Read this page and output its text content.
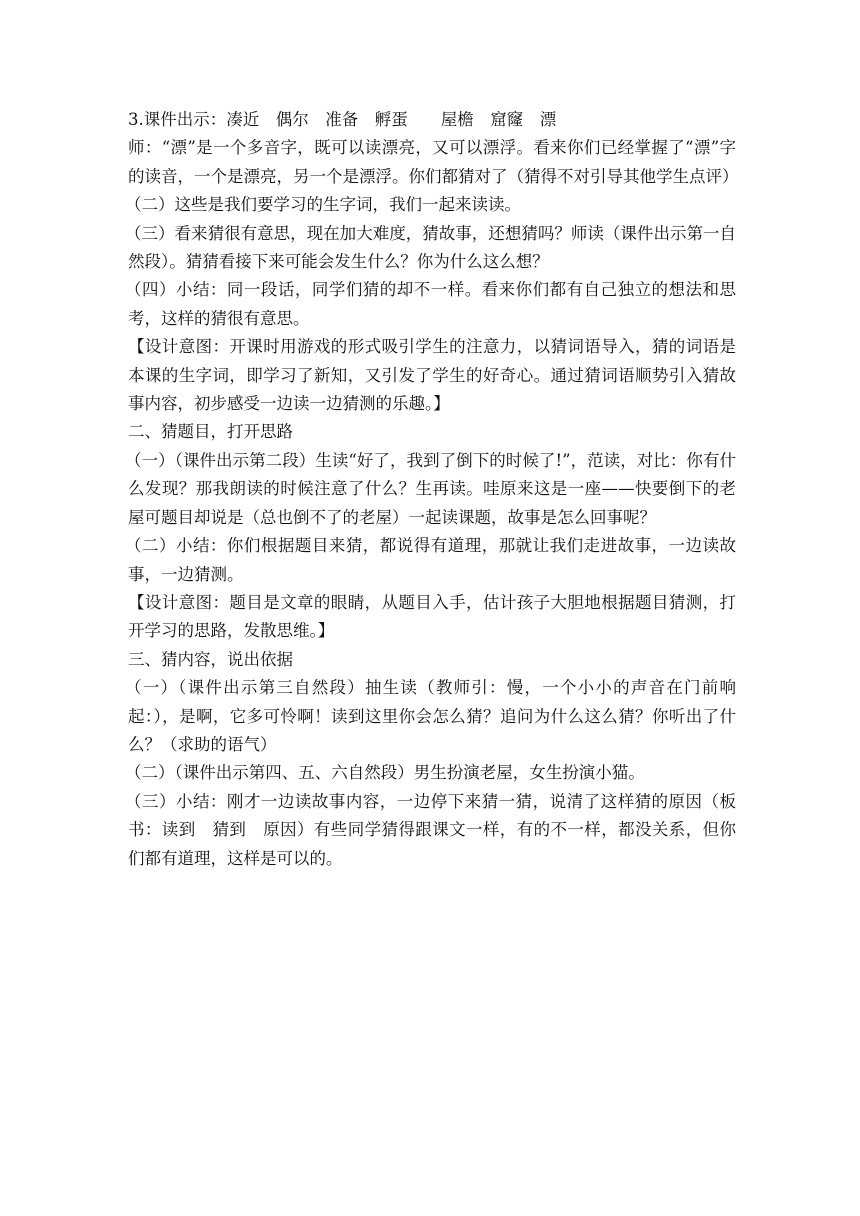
3.课件出示：凑近　偶尔　准备　孵蛋　　屋檐　窟窿　漂

师：“漂”是一个多音字，既可以读漂亮，又可以漂浮。看来你们已经掌握了“漂”字的读音，一个是漂亮，另一个是漂浮。你们都猜对了（猜得不对引导其他学生点评）

（二）这些是我们要学习的生字词，我们一起来读读。

（三）看来猜很有意思，现在加大难度，猜故事，还想猜吗？师读（课件出示第一自然段）。猜猜看接下来可能会发生什么？你为什么这么想？

（四）小结：同一段话，同学们猜的却不一样。看来你们都有自己独立的想法和思考，这样的猜很有意思。

【设计意图：开课时用游戏的形式吸引学生的注意力，以猜词语导入，猜的词语是本课的生字词，即学习了新知，又引发了学生的好奇心。通过猜词语顺势引入猜故事内容，初步感受一边读一边猜测的乐趣。】

二、猜题目，打开思路

（一）（课件出示第二段）生读“好了，我到了倒下的时候了!”，范读，对比：你有什么发现？那我朗读的时候注意了什么？生再读。哇原来这是一座——快要倒下的老屋可题目却说是（总也倒不了的老屋）一起读课题，故事是怎么回事呢？

（二）小结：你们根据题目来猜，都说得有道理，那就让我们走进故事，一边读故事，一边猜测。

【设计意图：题目是文章的眼睛，从题目入手，估计孩子大胆地根据题目猜测，打开学习的思路，发散思维。】

三、猜内容，说出依据

（一）（课件出示第三自然段）抽生读（教师引：慢，一个小小的声音在门前响起：），是啊，它多可怜啊！读到这里你会怎么猜？追问为什么这么猜？你听出了什么？（求助的语气）

（二）（课件出示第四、五、六自然段）男生扮演老屋，女生扮演小猫。

（三）小结：刚才一边读故事内容，一边停下来猜一猜，说清了这样猜的原因（板书：读到　猜到　原因）有些同学猜得跟课文一样，有的不一样，都没关系，但你们都有道理，这样是可以的。
